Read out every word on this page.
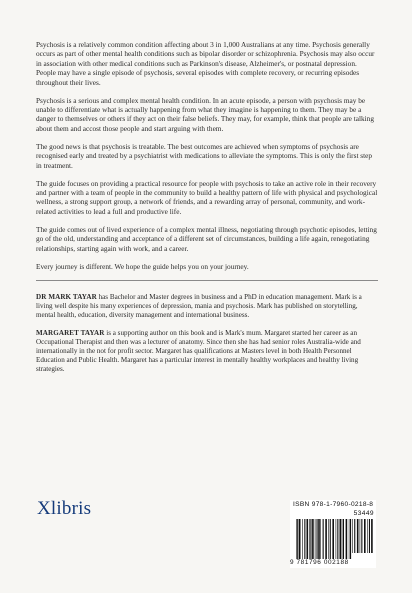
Psychosis is a relatively common condition affecting about 3 in 1,000 Australians at any time. Psychosis generally occurs as part of other mental health conditions such as bipolar disorder or schizophrenia. Psychosis may also occur in association with other medical conditions such as Parkinson's disease, Alzheimer's, or postnatal depression. People may have a single episode of psychosis, several episodes with complete recovery, or recurring episodes throughout their lives.

Psychosis is a serious and complex mental health condition. In an acute episode, a person with psychosis may be unable to differentiate what is actually happening from what they imagine is happening to them. They may be a danger to themselves or others if they act on their false beliefs. They may, for example, think that people are talking about them and accost those people and start arguing with them.

The good news is that psychosis is treatable. The best outcomes are achieved when symptoms of psychosis are recognised early and treated by a psychiatrist with medications to alleviate the symptoms. This is only the first step in treatment.

The guide focuses on providing a practical resource for people with psychosis to take an active role in their recovery and partner with a team of people in the community to build a healthy pattern of life with physical and psychological wellness, a strong support group, a network of friends, and a rewarding array of personal, community, and work-related activities to lead a full and productive life.

The guide comes out of lived experience of a complex mental illness, negotiating through psychotic episodes, letting go of the old, understanding and acceptance of a different set of circumstances, building a life again, renegotiating relationships, starting again with work, and a career.

Every journey is different. We hope the guide helps you on your journey.

DR MARK TAYAR has Bachelor and Master degrees in business and a PhD in education management. Mark is a living well despite his many experiences of depression, mania and psychosis. Mark has published on storytelling, mental health, education, diversity management and international business.

MARGARET TAYAR is a supporting author on this book and is Mark's mum. Margaret started her career as an Occupational Therapist and then was a lecturer of anatomy. Since then she has had senior roles Australia-wide and internationally in the not for profit sector. Margaret has qualifications at Masters level in both Health Personnel Education and Public Health. Margaret has a particular interest in mentally healthy workplaces and healthy living strategies.

Xlibris	ISBN 978-1-7960-0218-8
53449
9 781796 002188
